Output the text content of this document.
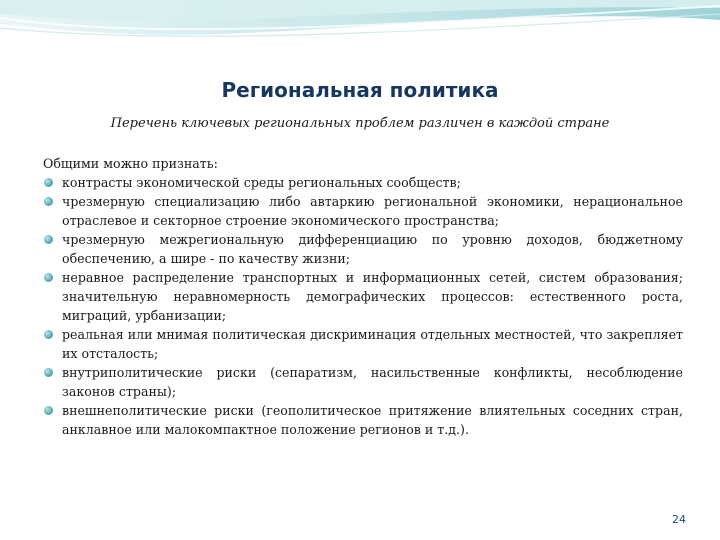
Региональная политика

Перечень ключевых региональных проблем различен в каждой стране

Общими можно признать:

контрасты экономической среды региональных сообществ;
чрезмерную специализацию либо автаркию региональной экономики, нерациональное отраслевое и секторное строение экономического пространства;
чрезмерную межрегиональную дифференциацию по уровню доходов, бюджетному обеспечению, а шире - по качеству жизни;
неравное распределение транспортных и информационных сетей, систем образования; значительную неравномерность демографических процессов: естественного роста, миграций, урбанизации;
реальная или мнимая политическая дискриминация отдельных местностей, что закрепляет их отсталость;
внутриполитические риски (сепаратизм, насильственные конфликты, несоблюдение законов страны);
внешнеполитические риски (геополитическое притяжение влиятельных соседних стран, анклавное или малокомпактное положение регионов и т.д.).
24
